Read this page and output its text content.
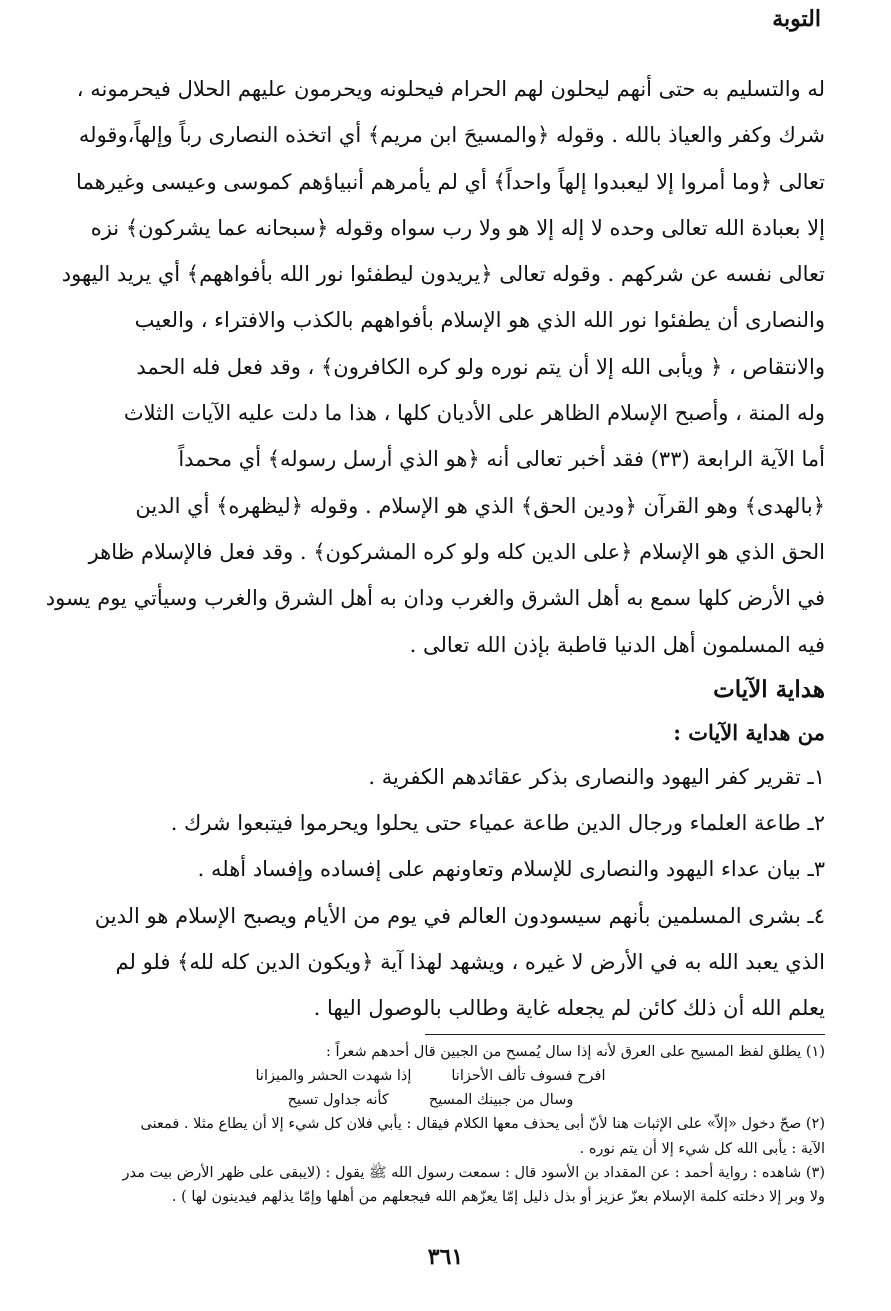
التوبة
له والتسليم به حتى أنهم ليحلون لهم الحرام فيحلونه ويحرمون عليهم الحلال فيحرمونه ،
شرك وكفر والعياذ بالله . وقوله ﴿والمسيحَ ابن مريم﴾ أي اتخذه النصارى رباً وإلهاً،وقوله
تعالى ﴿وما أمروا إلا ليعبدوا إلهاً واحداً﴾ أي لم يأمرهم أنبياؤهم كموسى وعيسى وغيرهما
إلا بعبادة الله تعالى وحده لا إله إلا هو ولا رب سواه وقوله ﴿سبحانه عما يشركون﴾ نزه
تعالى نفسه عن شركهم . وقوله تعالى ﴿يريدون ليطفئوا نور الله بأفواههم﴾ أي يريد اليهود
والنصارى أن يطفئوا نور الله الذي هو الإسلام بأفواههم بالكذب والافتراء ، والعيب
والانتقاص ، ﴿ ويأبى الله إلا أن يتم نوره ولو كره الكافرون﴾ ، وقد فعل فله الحمد
وله المنة ، وأصبح الإسلام الظاهر على الأديان كلها ، هذا ما دلت عليه الآيات الثلاث
أما الآية الرابعة (٣٣) فقد أخبر تعالى أنه ﴿هو الذي أرسل رسوله﴾ أي محمداً
﴿بالهدى﴾ وهو القرآن ﴿ودين الحق﴾ الذي هو الإسلام . وقوله ﴿ليظهره﴾ أي الدين
الحق الذي هو الإسلام ﴿على الدين كله ولو كره المشركون﴾ . وقد فعل فالإسلام ظاهر
في الأرض كلها سمع به أهل الشرق والغرب ودان به أهل الشرق والغرب وسيأتي يوم يسود
فيه المسلمون أهل الدنيا قاطبة بإذن الله تعالى .
هداية الآيات
من هداية الآيات :
١ـ تقرير كفر اليهود والنصارى بذكر عقائدهم الكفرية .
٢ـ طاعة العلماء ورجال الدين طاعة عمياء حتى يحلوا ويحرموا فيتبعوا شرك .
٣ـ بيان عداء اليهود والنصارى للإسلام وتعاونهم على إفساده وإفساد أهله .
٤ـ بشرى المسلمين بأنهم سيسودون العالم في يوم من الأيام ويصبح الإسلام هو الدين
الذي يعبد الله به في الأرض لا غيره ، ويشهد لهذا آية ﴿ويكون الدين كله لله﴾ فلو لم
يعلم الله أن ذلك كائن لم يجعله غاية وطالب بالوصول اليها .
(١) يطلق لفظ المسيح على العرق لأنه إذا سال يُمسح من الجبين قال أحدهم شعراً :
افرح فسوف تألف الأحزانا
إذا شهدت الحشر والميزانا
وسال من جبينك المسيح
كأنه جداول تسيح
(٢) صحّ دخول «إلاّ» على الإثبات هنا لأنّ أبى يحذف معها الكلام فيقال : يأبي فلان كل شيء إلا أن يطاع مثلا . فمعنى
الآية : يأبى الله كل شيء إلا أن يتم نوره .
(٣) شاهده : رواية أحمد : عن المقداد بن الأسود قال : سمعت رسول الله ﷺ يقول : (لايبقى على ظهر الأرض بيت مدر
ولا وبر إلا دخلته كلمة الإسلام بعزّ عزيز أو بذل ذليل إمّا يعزّهم الله فيجعلهم من أهلها وإمّا يذلهم فيدينون لها ) .
٣٦١
